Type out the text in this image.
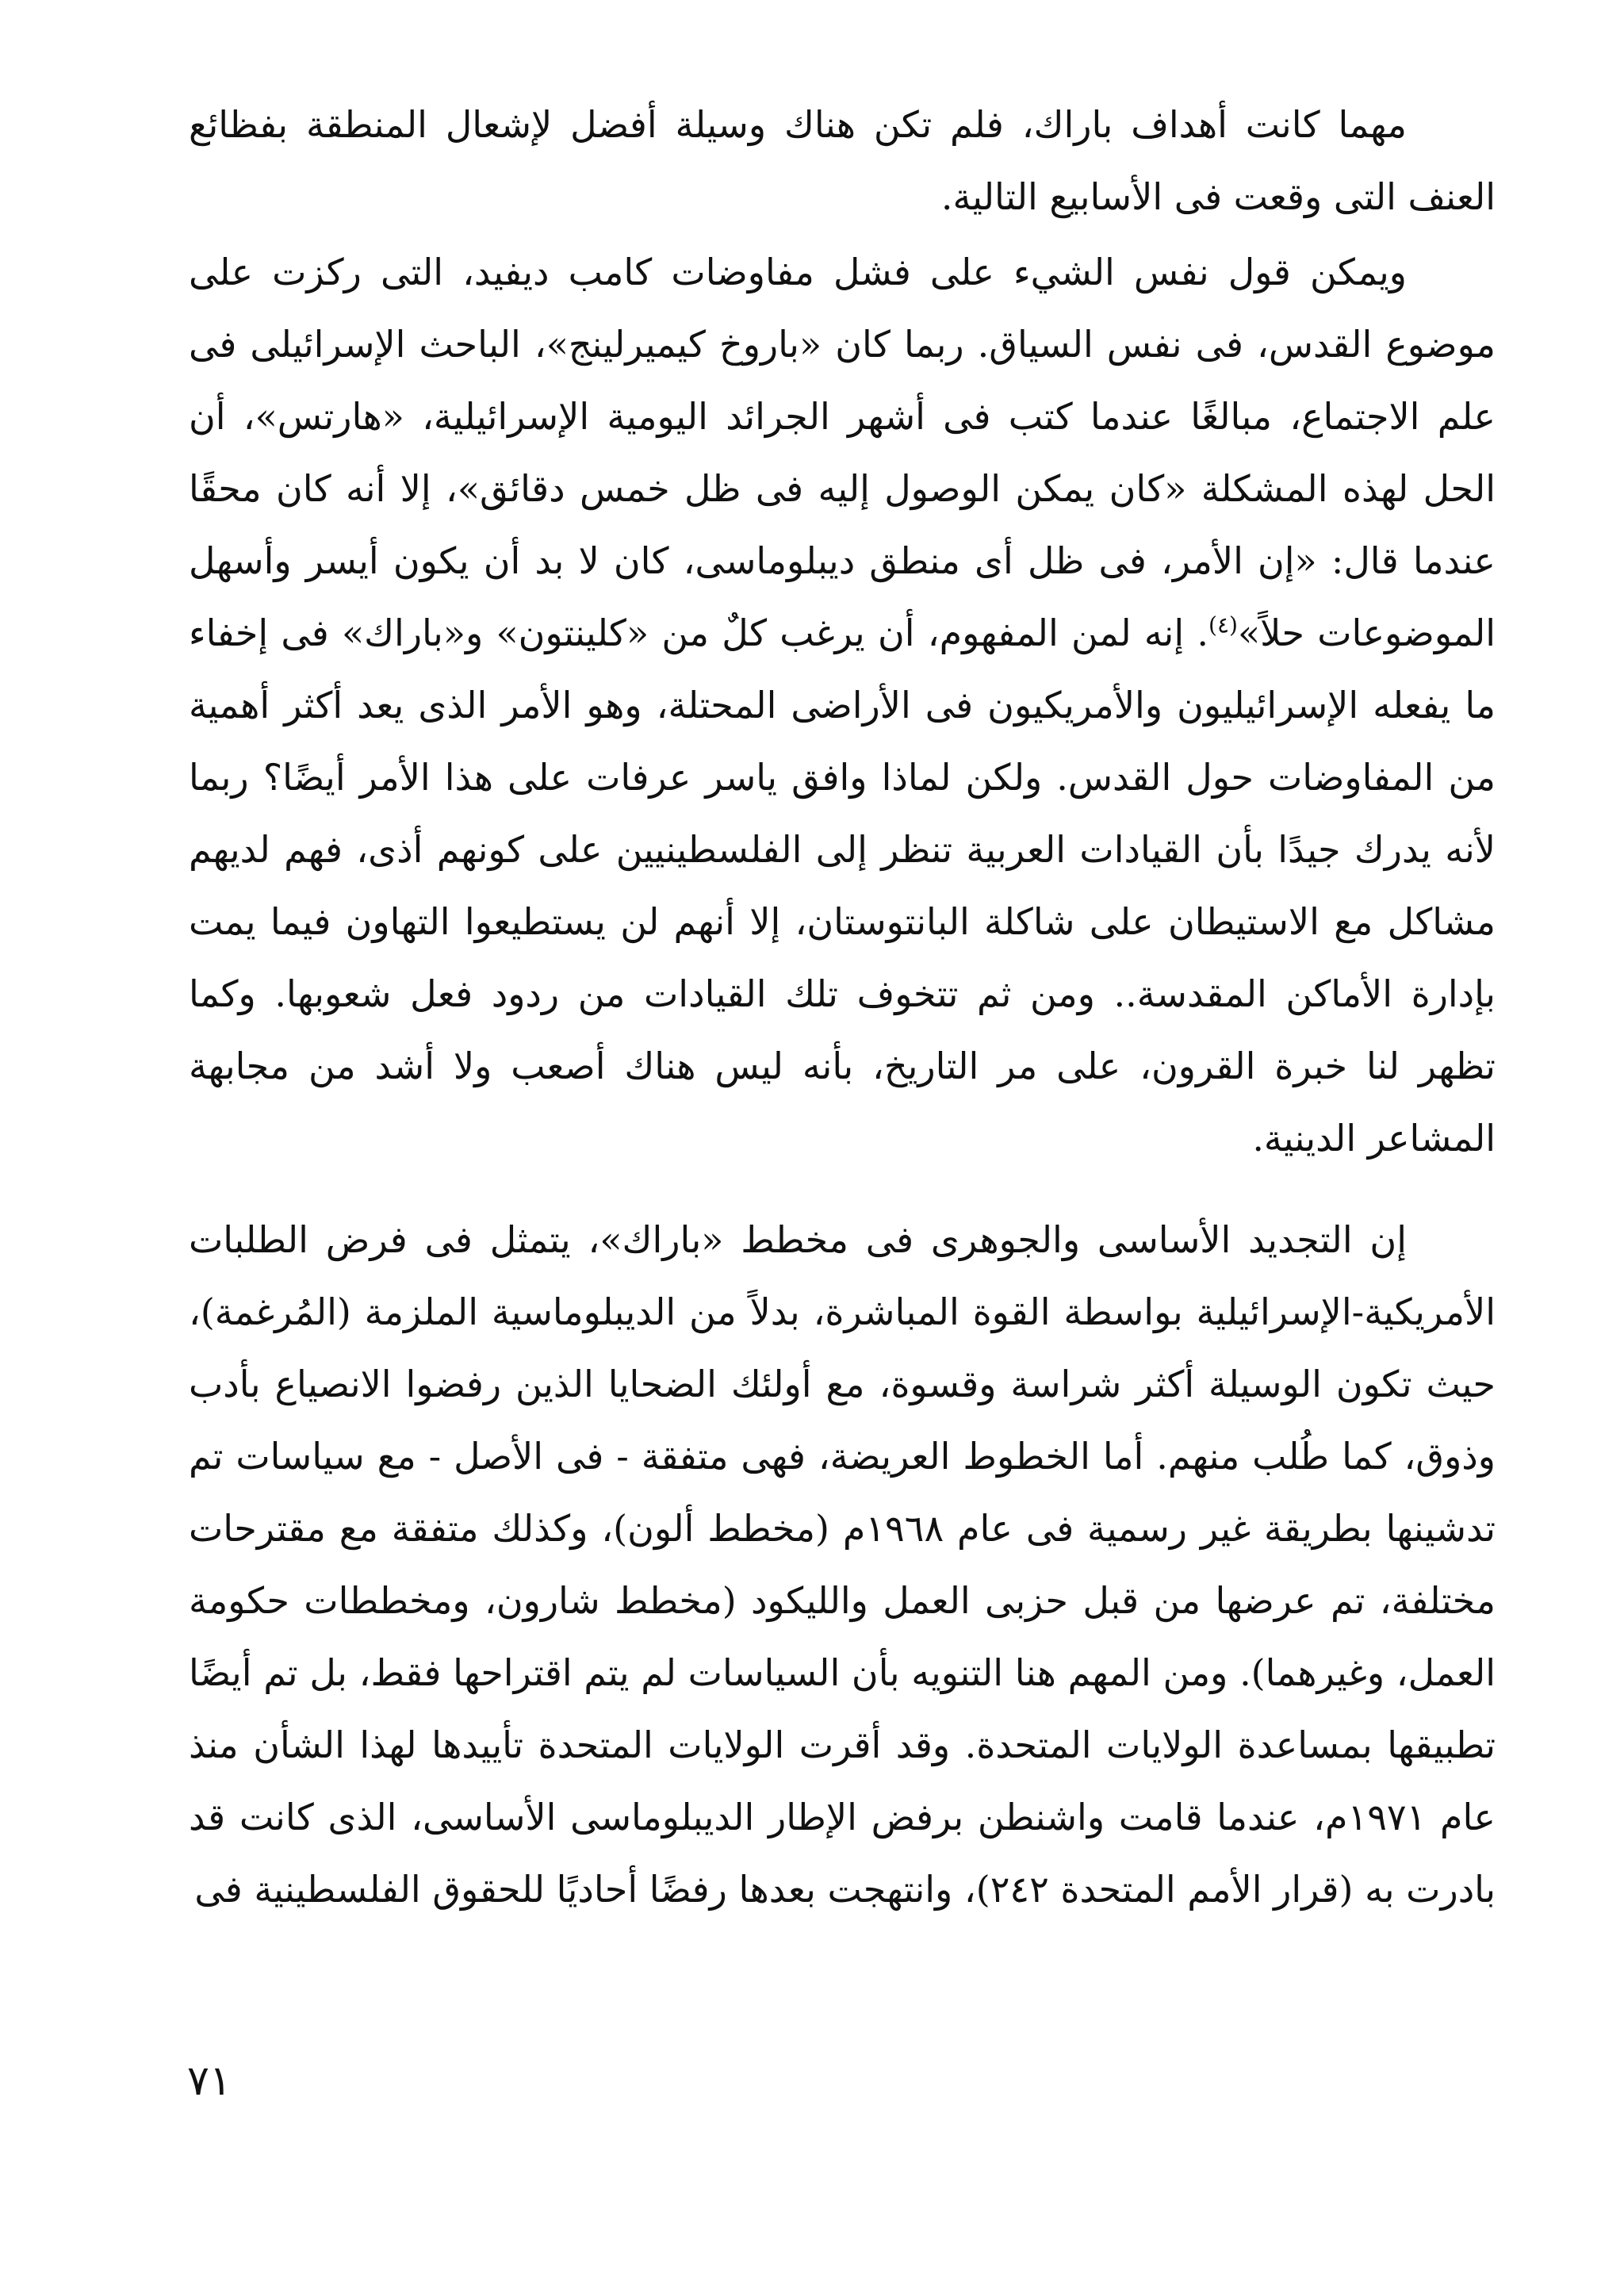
مهما كانت أهداف باراك، فلم تكن هناك وسيلة أفضل لإشعال المنطقة بفظائع العنف التى وقعت فى الأسابيع التالية.

ويمكن قول نفس الشيء على فشل مفاوضات كامب ديفيد، التى ركزت على موضوع القدس، فى نفس السياق. ربما كان «باروخ كيميرلينج»، الباحث الإسرائيلى فى علم الاجتماع، مبالغًا عندما كتب فى أشهر الجرائد اليومية الإسرائيلية، «هارتس»، أن الحل لهذه المشكلة «كان يمكن الوصول إليه فى ظل خمس دقائق»، إلا أنه كان محقًا عندما قال: «إن الأمر، فى ظل أى منطق ديبلوماسى، كان لا بد أن يكون أيسر وأسهل الموضوعات حلاً»$^{(٤)}$. إنه لمن المفهوم، أن يرغب كلٌ من «كلينتون» و«باراك» فى إخفاء ما يفعله الإسرائيليون والأمريكيون فى الأراضى المحتلة، وهو الأمر الذى يعد أكثر أهمية من المفاوضات حول القدس. ولكن لماذا وافق ياسر عرفات على هذا الأمر أيضًا؟ ربما لأنه يدرك جيدًا بأن القيادات العربية تنظر إلى الفلسطينيين على كونهم أذى، فهم لديهم مشاكل مع الاستيطان على شاكلة البانتوستان، إلا أنهم لن يستطيعوا التهاون فيما يمت بإدارة الأماكن المقدسة.. ومن ثم تتخوف تلك القيادات من ردود فعل شعوبها. وكما تظهر لنا خبرة القرون، على مر التاريخ، بأنه ليس هناك أصعب ولا أشد من مجابهة المشاعر الدينية.

إن التجديد الأساسى والجوهرى فى مخطط «باراك»، يتمثل فى فرض الطلبات الأمريكية-الإسرائيلية بواسطة القوة المباشرة، بدلاً من الديبلوماسية الملزمة (المُرغمة)، حيث تكون الوسيلة أكثر شراسة وقسوة، مع أولئك الضحايا الذين رفضوا الانصياع بأدب وذوق، كما طُلب منهم. أما الخطوط العريضة، فهى متفقة - فى الأصل - مع سياسات تم تدشينها بطريقة غير رسمية فى عام ١٩٦٨م (مخطط ألون)، وكذلك متفقة مع مقترحات مختلفة، تم عرضها من قبل حزبى العمل والليكود (مخطط شارون، ومخططات حكومة العمل، وغيرهما). ومن المهم هنا التنويه بأن السياسات لم يتم اقتراحها فقط، بل تم أيضًا تطبيقها بمساعدة الولايات المتحدة. وقد أقرت الولايات المتحدة تأييدها لهذا الشأن منذ عام ١٩٧١م، عندما قامت واشنطن برفض الإطار الديبلوماسى الأساسى، الذى كانت قد بادرت به (قرار الأمم المتحدة ٢٤٢)، وانتهجت بعدها رفضًا أحاديًا للحقوق الفلسطينية فى

٧١
